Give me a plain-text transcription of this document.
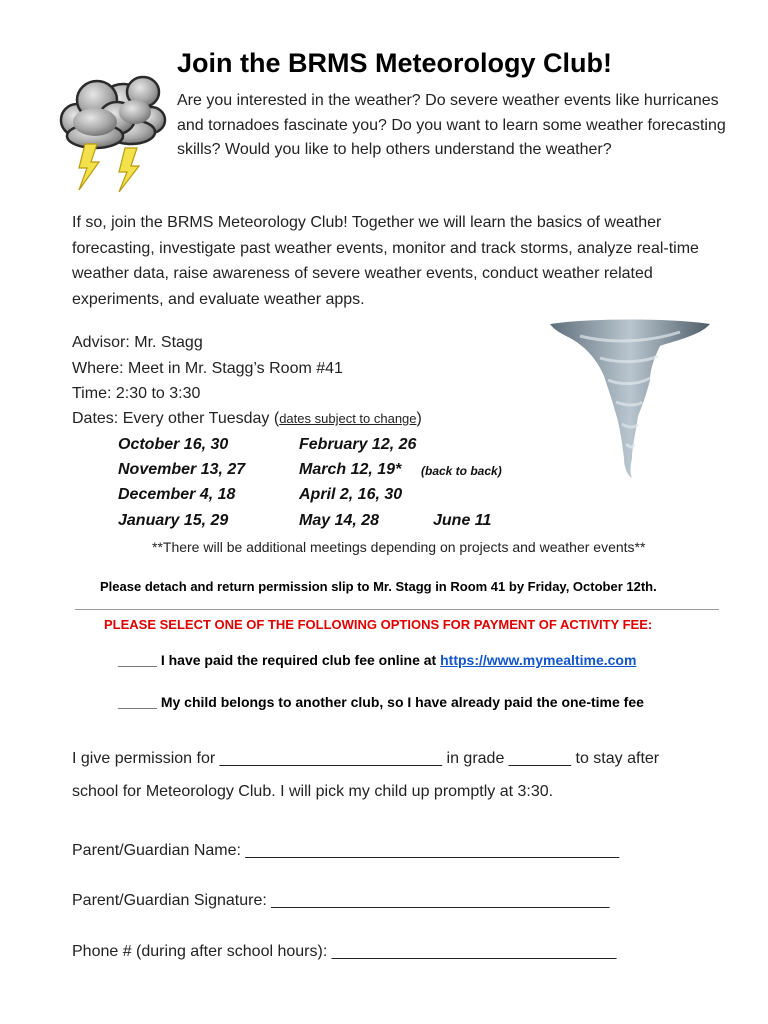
Join the BRMS Meteorology Club!
Are you interested in the weather? Do severe weather events like hurricanes and tornadoes fascinate you? Do you want to learn some weather forecasting skills? Would you like to help others understand the weather?
If so, join the BRMS Meteorology Club! Together we will learn the basics of weather forecasting, investigate past weather events, monitor and track storms, analyze real-time weather data, raise awareness of severe weather events, conduct weather related experiments, and evaluate weather apps.
Advisor: Mr. Stagg
Where: Meet in Mr. Stagg’s Room #41
Time: 2:30 to 3:30
Dates: Every other Tuesday (dates subject to change)
October 16, 30
November 13, 27
December 4, 18
January 15, 29
February 12, 26
March 12, 19* (back to back)
April 2, 16, 30
May 14, 28	June 11
**There will be additional meetings depending on projects and weather events**
Please detach and return permission slip to Mr. Stagg in Room 41 by Friday, October 12th.
PLEASE SELECT ONE OF THE FOLLOWING OPTIONS FOR PAYMENT OF ACTIVITY FEE:
_____ I have paid the required club fee online at https://www.mymealtime.com
_____ My child belongs to another club, so I have already paid the one-time fee
I give permission for _________________________ in grade _______ to stay after
school for Meteorology Club. I will pick my child up promptly at 3:30.
Parent/Guardian Name: __________________________________________
Parent/Guardian Signature: ______________________________________
Phone # (during after school hours): ________________________________
